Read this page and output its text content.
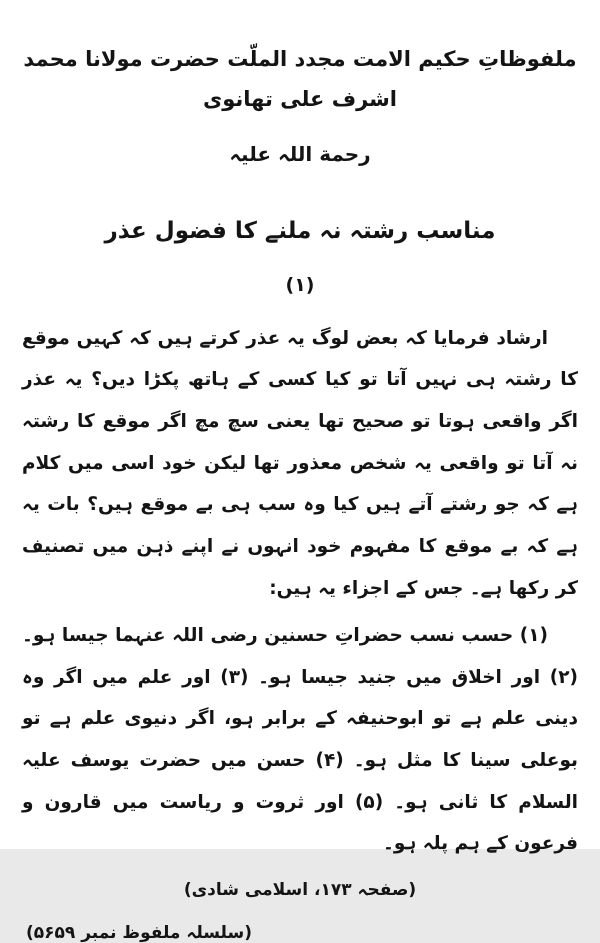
ملفوظاتِ حکیم الامت مجدد الملّت حضرت مولانا محمد اشرف علی تھانوی
رحمة اللہ علیہ
مناسب رشتہ نہ ملنے کا فضول عذر
(۱)

ارشاد فرمایا کہ بعض لوگ یہ عذر کرتے ہیں کہ کہیں موقع کا رشتہ ہی نہیں آتا تو کیا کسی کے ہاتھ پکڑا دیں؟ یہ عذر اگر واقعی ہوتا تو صحیح تھا یعنی سچ مچ اگر موقع کا رشتہ نہ آتا تو واقعی یہ شخص معذور تھا لیکن خود اسی میں کلام ہے کہ جو رشتے آتے ہیں کیا وہ سب ہی بے موقع ہیں؟ بات یہ ہے کہ بے موقع کا مفہوم خود انہوں نے اپنے ذہن میں تصنیف کر رکھا ہے۔ جس کے اجزاء یہ ہیں:

(۱) حسب نسب حضراتِ حسنین رضی اللہ عنہما جیسا ہو۔ (۲) اور اخلاق میں جنید جیسا ہو۔ (۳) اور علم میں اگر وہ دینی علم ہے تو ابوحنیفہ کے برابر ہو، اگر دنیوی علم ہے تو بوعلی سینا کا مثل ہو۔ (۴) حسن میں حضرت یوسف علیہ السلام کا ثانی ہو۔ (۵) اور ثروت و ریاست میں قارون و فرعون کے ہم پلہ ہو۔

(صفحہ ۱۷۳، اسلامی شادی)
(سلسلہ ملفوظ نمبر ۵۶۵۹)
